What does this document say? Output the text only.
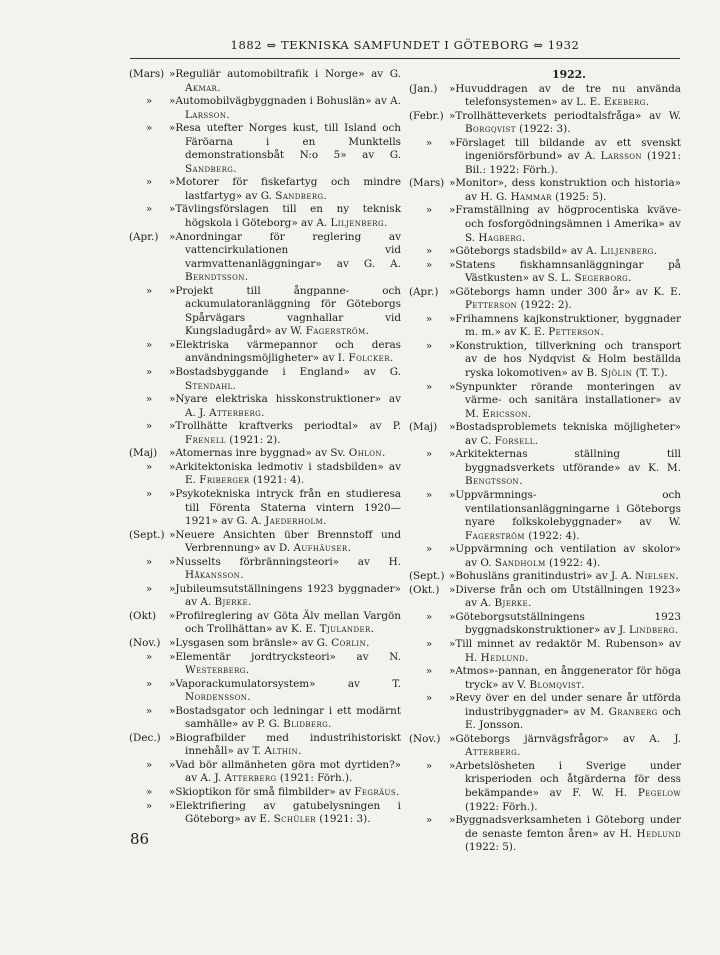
1882 ⇔ TEKNISKA SAMFUNDET I GÖTEBORG ⇔ 1932
(Mars) »Reguliär automobiltrafik i Norge» av G. Akmar.
»	»Automobilvägbyggnaden i Bohuslän» av A. Larsson.
»	»Resa utefter Norges kust, till Island och Färöarna i en Munktells demonstrationsbåt N:o 5» av G. Sandberg.
»	»Motorer för fiskefartyg och mindre lastfartyg» av G. Sandberg.
»	»Tävlingsförslagen till en ny teknisk högskola i Göteborg» av A. Liljenberg.
(Apr.)	»Anordningar för reglering av vattencirkulationen vid varmvattenanläggningar» av G. A. Berndtsson.
»	»Projekt till ångpanne- och ackumulatoranläggning för Göteborgs Spårvägars vagnhallar vid Kungsladugård» av W. Fagerström.
»	»Elektriska värmepannor och deras användningsmöjligheter» av I. Folcker.
»	»Bostadsbyggande i England» av G. Stendahl.
»	»Nyare elektriska hisskonstruktioner» av A. J. Atterberg.
»	»Trollhätte kraftverks periodtal» av P. Frenell (1921: 2).
(Maj)	»Atomernas inre byggnad» av Sv. Ohlon.
»	»Arkitektoniska ledmotiv i stadsbilden» av E. Friberger (1921: 4).
»	»Psykotekniska intryck från en studieresa till Förenta Staterna vintern 1920—1921» av G. A. Jaederholm.
(Sept.) »Neuere Ansichten über Brennstoff und Verbrennung» av D. Aufhäuser.
»	»Nusselts förbränningsteori» av H. Håkansson.
»	»Jubileumsutställningens 1923 byggnader» av A. Bjerke.
(Okt)	»Profilreglering av Göta Älv mellan Vargön och Trollhättan» av K. E. Tjulander.
(Nov.) »Lysgasen som bränsle» av G. Corlin.
»	»Elementär jordtrycksteori» av N. Westerberg.
»	»Vaporackumulatorsystem» av T. Nordensson.
»	»Bostadsgator och ledningar i ett modärnt samhälle» av P. G. Blidberg.
(Dec.) »Biografbilder med industrihistoriskt innehåll» av T. Althin.
»	»Vad bör allmänheten göra mot dyrtiden?» av A. J. Atterberg (1921: Förh.).
»	»Skioptikon för små filmbilder» av Fegräus.
»	»Elektrifiering av gatubelysningen i Göteborg» av E. Schüler (1921: 3).
1922.
(Jan.)	»Huvuddragen av de tre nu använda telefonsystemen» av L. E. Ekeberg.
(Febr.) »Trollhätteverkets periodtalsfråga» av W. Borgqvist (1922: 3).
»	»Förslaget till bildande av ett svenskt ingeniörsförbund» av A. Larsson (1921: Bil.: 1922: Förh.).
(Mars) »Monitor», dess konstruktion och historia» av H. G. Hammar (1925: 5).
»	»Framställning av högprocentiska kväve- och fosforgödningsämnen i Amerika» av S. Hagberg.
»	»Göteborgs stadsbild» av A. Liljenberg.
»	»Statens fiskhamnsanläggningar på Västkusten» av S. L. Segerborg.
(Apr.)	»Göteborgs hamn under 300 år» av K. E. Petterson (1922: 2).
»	»Frihamnens kajkonstruktioner, byggnader m. m.» av K. E. Petterson.
»	»Konstruktion, tillverkning och transport av de hos Nydqvist & Holm beställda ryska lokomotiven» av B. Sjölin (T. T.).
»	»Synpunkter rörande monteringen av värme- och sanitära installationer» av M. Ericsson.
(Maj)	»Bostadsproblemets tekniska möjligheter» av C. Forsell.
»	»Arkitekternas ställning till byggnadsverkets utförande» av K. M. Bengtsson.
»	»Uppvärmnings- och ventilationsanläggningarne i Göteborgs nyare folkskolebyggnader» av W. Fagerström (1922: 4).
»	»Uppvärmning och ventilation av skolor» av O. Sandholm (1922: 4).
(Sept.) »Bohusläns granitindustri» av J. A. Nielsen.
(Okt.) »Diverse från och om Utställningen 1923» av A. Bjerke.
»	»Göteborgsutställningens 1923 byggnadskonstruktioner» av J. Lindberg.
»	»Till minnet av redaktör M. Rubenson» av H. Hedlund.
»	»Atmos»-pannan, en ånggenerator för höga tryck» av V. Blomqvist.
»	»Revy över en del under senare år utförda industribyggnader» av M. Granberg och E. Jonsson.
(Nov.) »Göteborgs järnvägsfrågor» av A. J. Atterberg.
»	»Arbetslösheten i Sverige under krisperioden och åtgärderna för dess bekämpande» av F. W. H. Pegelow (1922: Förh.).
»	»Byggnadsverksamheten i Göteborg under de senaste femton åren» av H. Hedlund (1922: 5).
86
